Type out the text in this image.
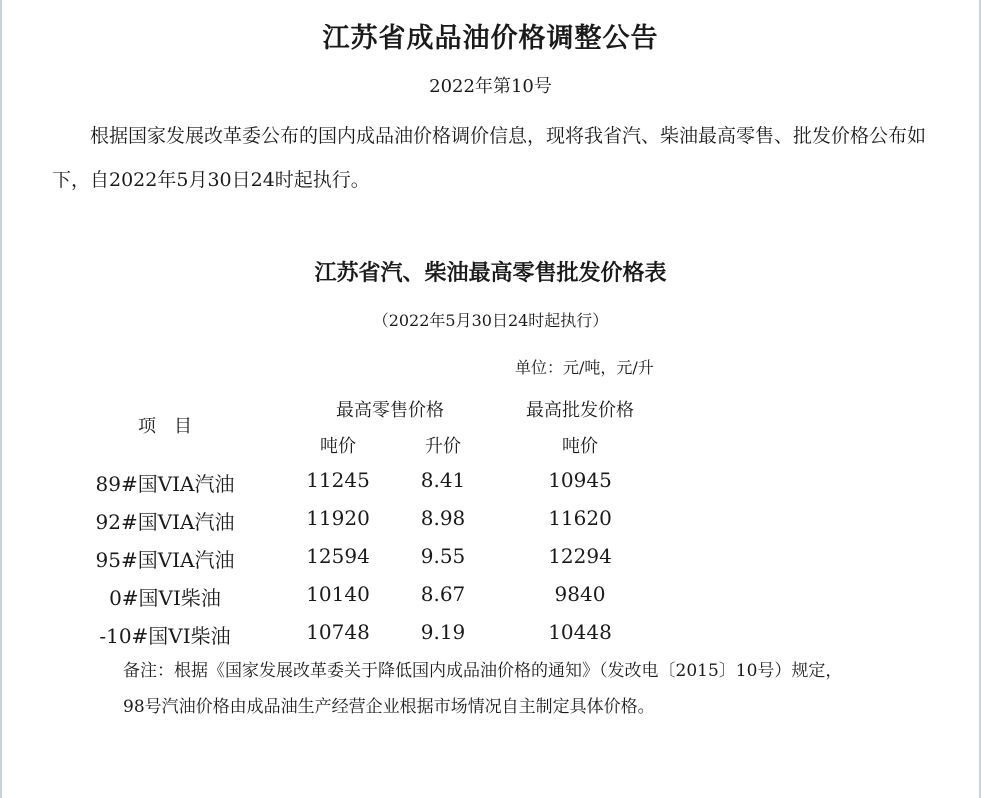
江苏省成品油价格调整公告
2022年第10号
根据国家发展改革委公布的国内成品油价格调价信息，现将我省汽、柴油最高零售、批发价格公布如下，自2022年5月30日24时起执行。
江苏省汽、柴油最高零售批发价格表
（2022年5月30日24时起执行）
单位：元/吨，元/升
项　目
最高零售价格	最高批发价格
吨价	升价	吨价
89#国VIA汽油	11245	8.41	10945
92#国VIA汽油	11920	8.98	11620
95#国VIA汽油	12594	9.55	12294
0#国VI柴油	10140	8.67	9840
-10#国VI柴油	10748	9.19	10448
备注：根据《国家发展改革委关于降低国内成品油价格的通知》（发改电〔2015〕10号）规定，
98号汽油价格由成品油生产经营企业根据市场情况自主制定具体价格。
